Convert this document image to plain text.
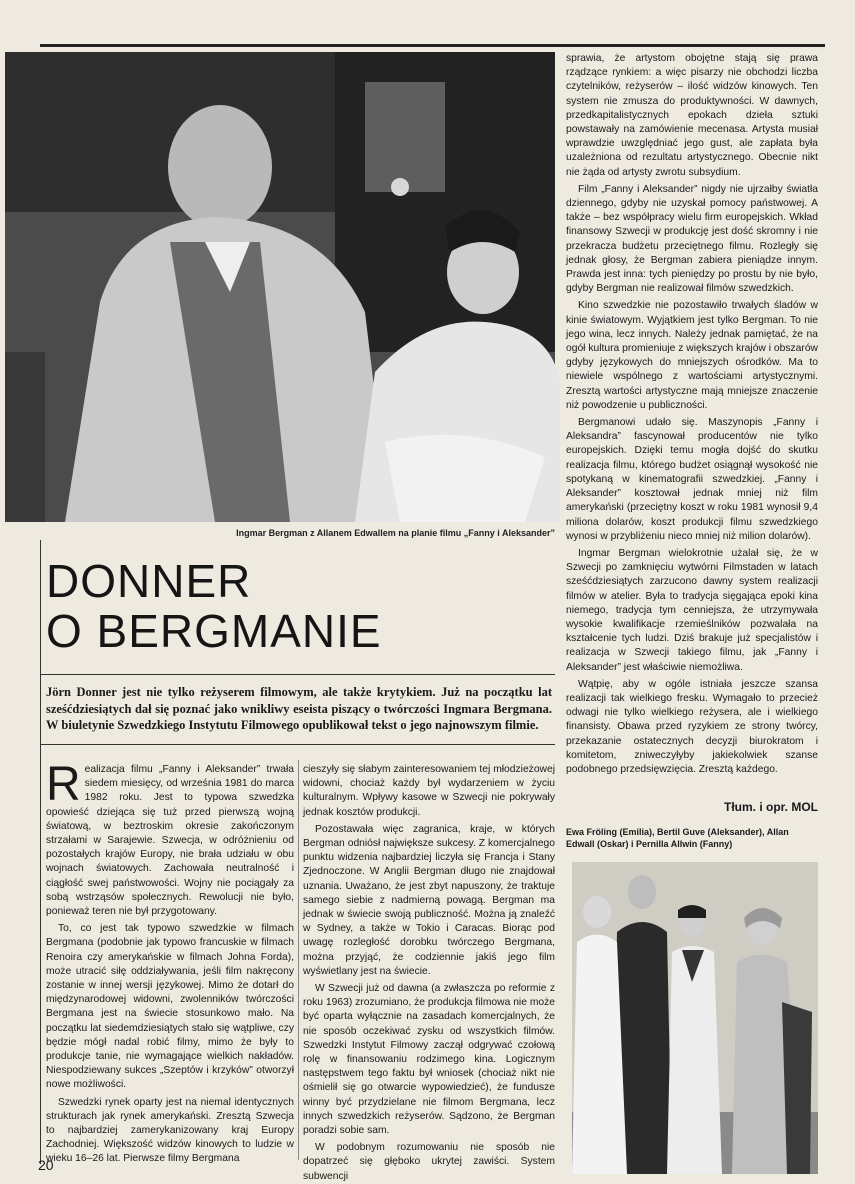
Ingmar Bergman z Allanem Edwallem na planie filmu „Fanny i Aleksander”
DONNER
O BERGMANIE
Jörn Donner jest nie tylko reżyserem filmowym, ale także krytykiem. Już na początku lat sześćdziesiątych dał się poznać jako wnikliwy eseista piszący o twórczości Ingmara Bergmana. W biuletynie Szwedzkiego Instytutu Filmowego opublikował tekst o jego najnowszym filmie.
R ealizacja filmu „Fanny i Aleksander” trwała siedem miesięcy, od września 1981 do marca 1982 roku. Jest to typowa szwedzka opowieść dziejąca się tuż przed pierwszą wojną światową, w beztroskim okresie zakończonym strzałami w Sarajewie. Szwecja, w odróżnieniu od pozostałych krajów Europy, nie brała udziału w obu wojnach światowych. Zachowała neutralność i ciągłość swej państwowości. Wojny nie pociągały za sobą wstrząsów społecznych. Rewolucji nie było, ponieważ teren nie był przygotowany.

To, co jest tak typowo szwedzkie w filmach Bergmana (podobnie jak typowo francuskie w filmach Renoira czy amerykańskie w filmach Johna Forda), może utracić siłę oddziaływania, jeśli film nakręcony zostanie w innej wersji językowej. Mimo że dotarł do międzynarodowej widowni, zwolenników twórczości Bergmana jest na świecie stosunkowo mało. Na początku lat siedemdziesiątych stało się wątpliwe, czy będzie mógł nadal robić filmy, mimo że były to produkcje tanie, nie wymagające wielkich nakładów. Niespodziewany sukces „Szeptów i krzyków” otworzył nowe możliwości.

Szwedzki rynek oparty jest na niemal identycznych strukturach jak rynek amerykański. Zresztą Szwecja to najbardziej zamerykanizowany kraj Europy Zachodniej. Większość widzów kinowych to ludzie w wieku 16–26 lat. Pierwsze filmy Bergmana

cieszyły się słabym zainteresowaniem tej młodzieżowej widowni, chociaż każdy był wydarzeniem w życiu kulturalnym. Wpływy kasowe w Szwecji nie pokrywały jednak kosztów produkcji.

Pozostawała więc zagranica, kraje, w których Bergman odniósł największe sukcesy. Z komercjalnego punktu widzenia najbardziej liczyła się Francja i Stany Zjednoczone. W Anglii Bergman długo nie znajdował uznania. Uważano, że jest zbyt napuszony, że traktuje samego siebie z nadmierną powagą. Bergman ma jednak w świecie swoją publiczność. Można ją znaleźć w Sydney, a także w Tokio i Caracas. Biorąc pod uwagę rozległość dorobku twórczego Bergmana, można przyjąć, że codziennie jakiś jego film wyświetlany jest na świecie.

W Szwecji już od dawna (a zwłaszcza po reformie z roku 1963) zrozumiano, że produkcja filmowa nie może być oparta wyłącznie na zasadach komercjalnych, że nie sposób oczekiwać zysku od wszystkich filmów. Szwedzki Instytut Filmowy zaczął odgrywać czołową rolę w finansowaniu rodzimego kina. Logicznym następstwem tego faktu był wniosek (chociaż nikt nie ośmielił się go otwarcie wypowiedzieć), że fundusze winny być przydzielane nie filmom Bergmana, lecz innych szwedzkich reżyserów. Sądzono, że Bergman poradzi sobie sam.

W podobnym rozumowaniu nie sposób nie dopatrzeć się głęboko ukrytej zawiści. System subwencji

sprawia, że artystom obojętne stają się prawa rządzące rynkiem: a więc pisarzy nie obchodzi liczba czytelników, reżyserów – ilość widzów kinowych. Ten system nie zmusza do produktywności. W dawnych, przedkapitalistycznych epokach dzieła sztuki powstawały na zamówienie mecenasa. Artysta musiał wprawdzie uwzględniać jego gust, ale zapłata była uzależniona od rezultatu artystycznego. Obecnie nikt nie żąda od artysty zwrotu subsydium.

Film „Fanny i Aleksander” nigdy nie ujrzałby światła dziennego, gdyby nie uzyskał pomocy państwowej. A także – bez współpracy wielu firm europejskich. Wkład finansowy Szwecji w produkcję jest dość skromny i nie przekracza budżetu przeciętnego filmu. Rozległy się jednak głosy, że Bergman zabiera pieniądze innym. Prawda jest inna: tych pieniędzy po prostu by nie było, gdyby Bergman nie realizował filmów szwedzkich.

Kino szwedzkie nie pozostawiło trwałych śladów w kinie światowym. Wyjątkiem jest tylko Bergman. To nie jego wina, lecz innych. Należy jednak pamiętać, że na ogół kultura promieniuje z większych krajów i obszarów gdyby językowych do mniejszych ośrodków. Ma to niewiele wspólnego z wartościami artystycznymi. Zresztą wartości artystyczne mają mniejsze znaczenie niż powodzenie u publiczności.

Bergmanowi udało się. Maszynopis „Fanny i Aleksandra” fascynował producentów nie tylko europejskich. Dzięki temu mogła dojść do skutku realizacja filmu, którego budżet osiągnął wysokość nie spotykaną w kinematografii szwedzkiej. „Fanny i Aleksander” kosztował jednak mniej niż film amerykański (przeciętny koszt w roku 1981 wynosił 9,4 miliona dolarów, koszt produkcji filmu szwedzkiego wynosi w przybliżeniu nieco mniej niż milion dolarów).

Ingmar Bergman wielokrotnie użalał się, że w Szwecji po zamknięciu wytwórni Filmstaden w latach sześćdziesiątych zarzucono dawny system realizacji filmów w atelier. Była to tradycja sięgająca epoki kina niemego, tradycja tym cenniejsza, że utrzymywała wysokie kwalifikacje rzemieślników pozwalała na kształcenie tych ludzi. Dziś brakuje już specjalistów i realizacja w Szwecji takiego filmu, jak „Fanny i Aleksander” jest właściwie niemożliwa.

Wątpię, aby w ogóle istniała jeszcze szansa realizacji tak wielkiego fresku. Wymagało to przecież odwagi nie tylko wielkiego reżysera, ale i wielkiego finansisty. Obawa przed ryzykiem ze strony twórcy, przekazanie ostatecznych decyzji biurokratom i komitetom, zniweczyłyby jakiekolwiek szanse podobnego przedsięwzięcia. Zresztą każdego.

Tłum. i opr. MOL
Ewa Fröling (Emilia), Bertil Guve (Aleksander), Allan Edwall (Oskar) i Pernilla Allwin (Fanny)
20
